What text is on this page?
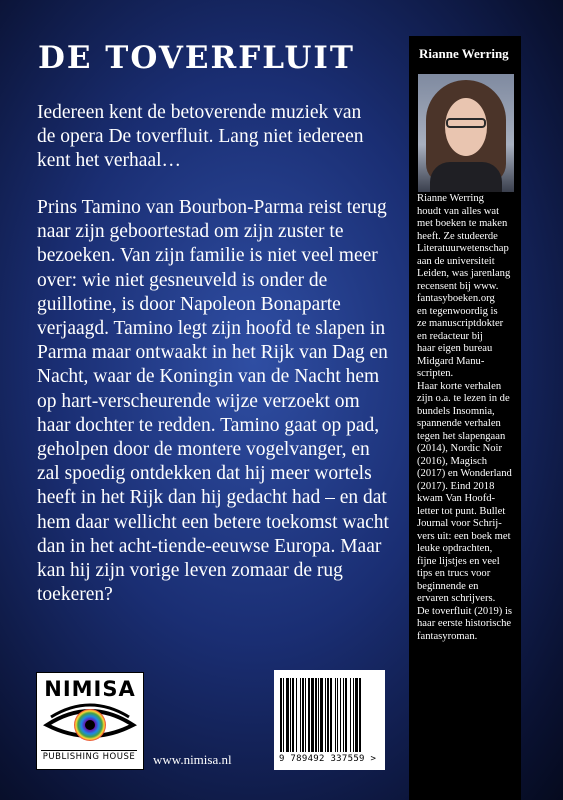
DE TOVERFLUIT

Iedereen kent de betoverende muziek van de opera De toverfluit. Lang niet iedereen kent het verhaal…

Prins Tamino van Bourbon-Parma reist terug naar zijn geboortestad om zijn zuster te bezoeken. Van zijn familie is niet veel meer over: wie niet gesneuveld is onder de guillotine, is door Napoleon Bonaparte verjaagd. Tamino legt zijn hoofd te slapen in Parma maar ontwaakt in het Rijk van Dag en Nacht, waar de Koningin van de Nacht hem op hart-verscheurende wijze verzoekt om haar dochter te redden. Tamino gaat op pad, geholpen door de montere vogelvanger, en zal spoedig ontdekken dat hij meer wortels heeft in het Rijk dan hij gedacht had – en dat hem daar wellicht een betere toekomst wacht dan in het acht-tiende-eeuwse Europa. Maar kan hij zijn vorige leven zomaar de rug toekeren?

Rianne Werring

Rianne Werring
houdt van alles wat
met boeken te maken
heeft. Ze studeerde
Literatuurwetenschap
aan de universiteit
Leiden, was jarenlang
recensent bij www.
fantasyboeken.org
en tegenwoordig is
ze manuscriptdokter
en redacteur bij
haar eigen bureau
Midgard Manu-
scripten.
Haar korte verhalen
zijn o.a. te lezen in de
bundels Insomnia,
spannende verhalen
tegen het slapengaan
(2014), Nordic Noir
(2016), Magisch
(2017) en Wonderland
(2017). Eind 2018
kwam Van Hoofd-
letter tot punt. Bullet
Journal voor Schrij-
vers uit: een boek met
leuke opdrachten,
fijne lijstjes en veel
tips en trucs voor
beginnende en
ervaren schrijvers.
De toverfluit (2019) is
haar eerste historische
fantasyroman.

NIMISA
PUBLISHING HOUSE www.nimisa.nl	9 789492 337559 >
